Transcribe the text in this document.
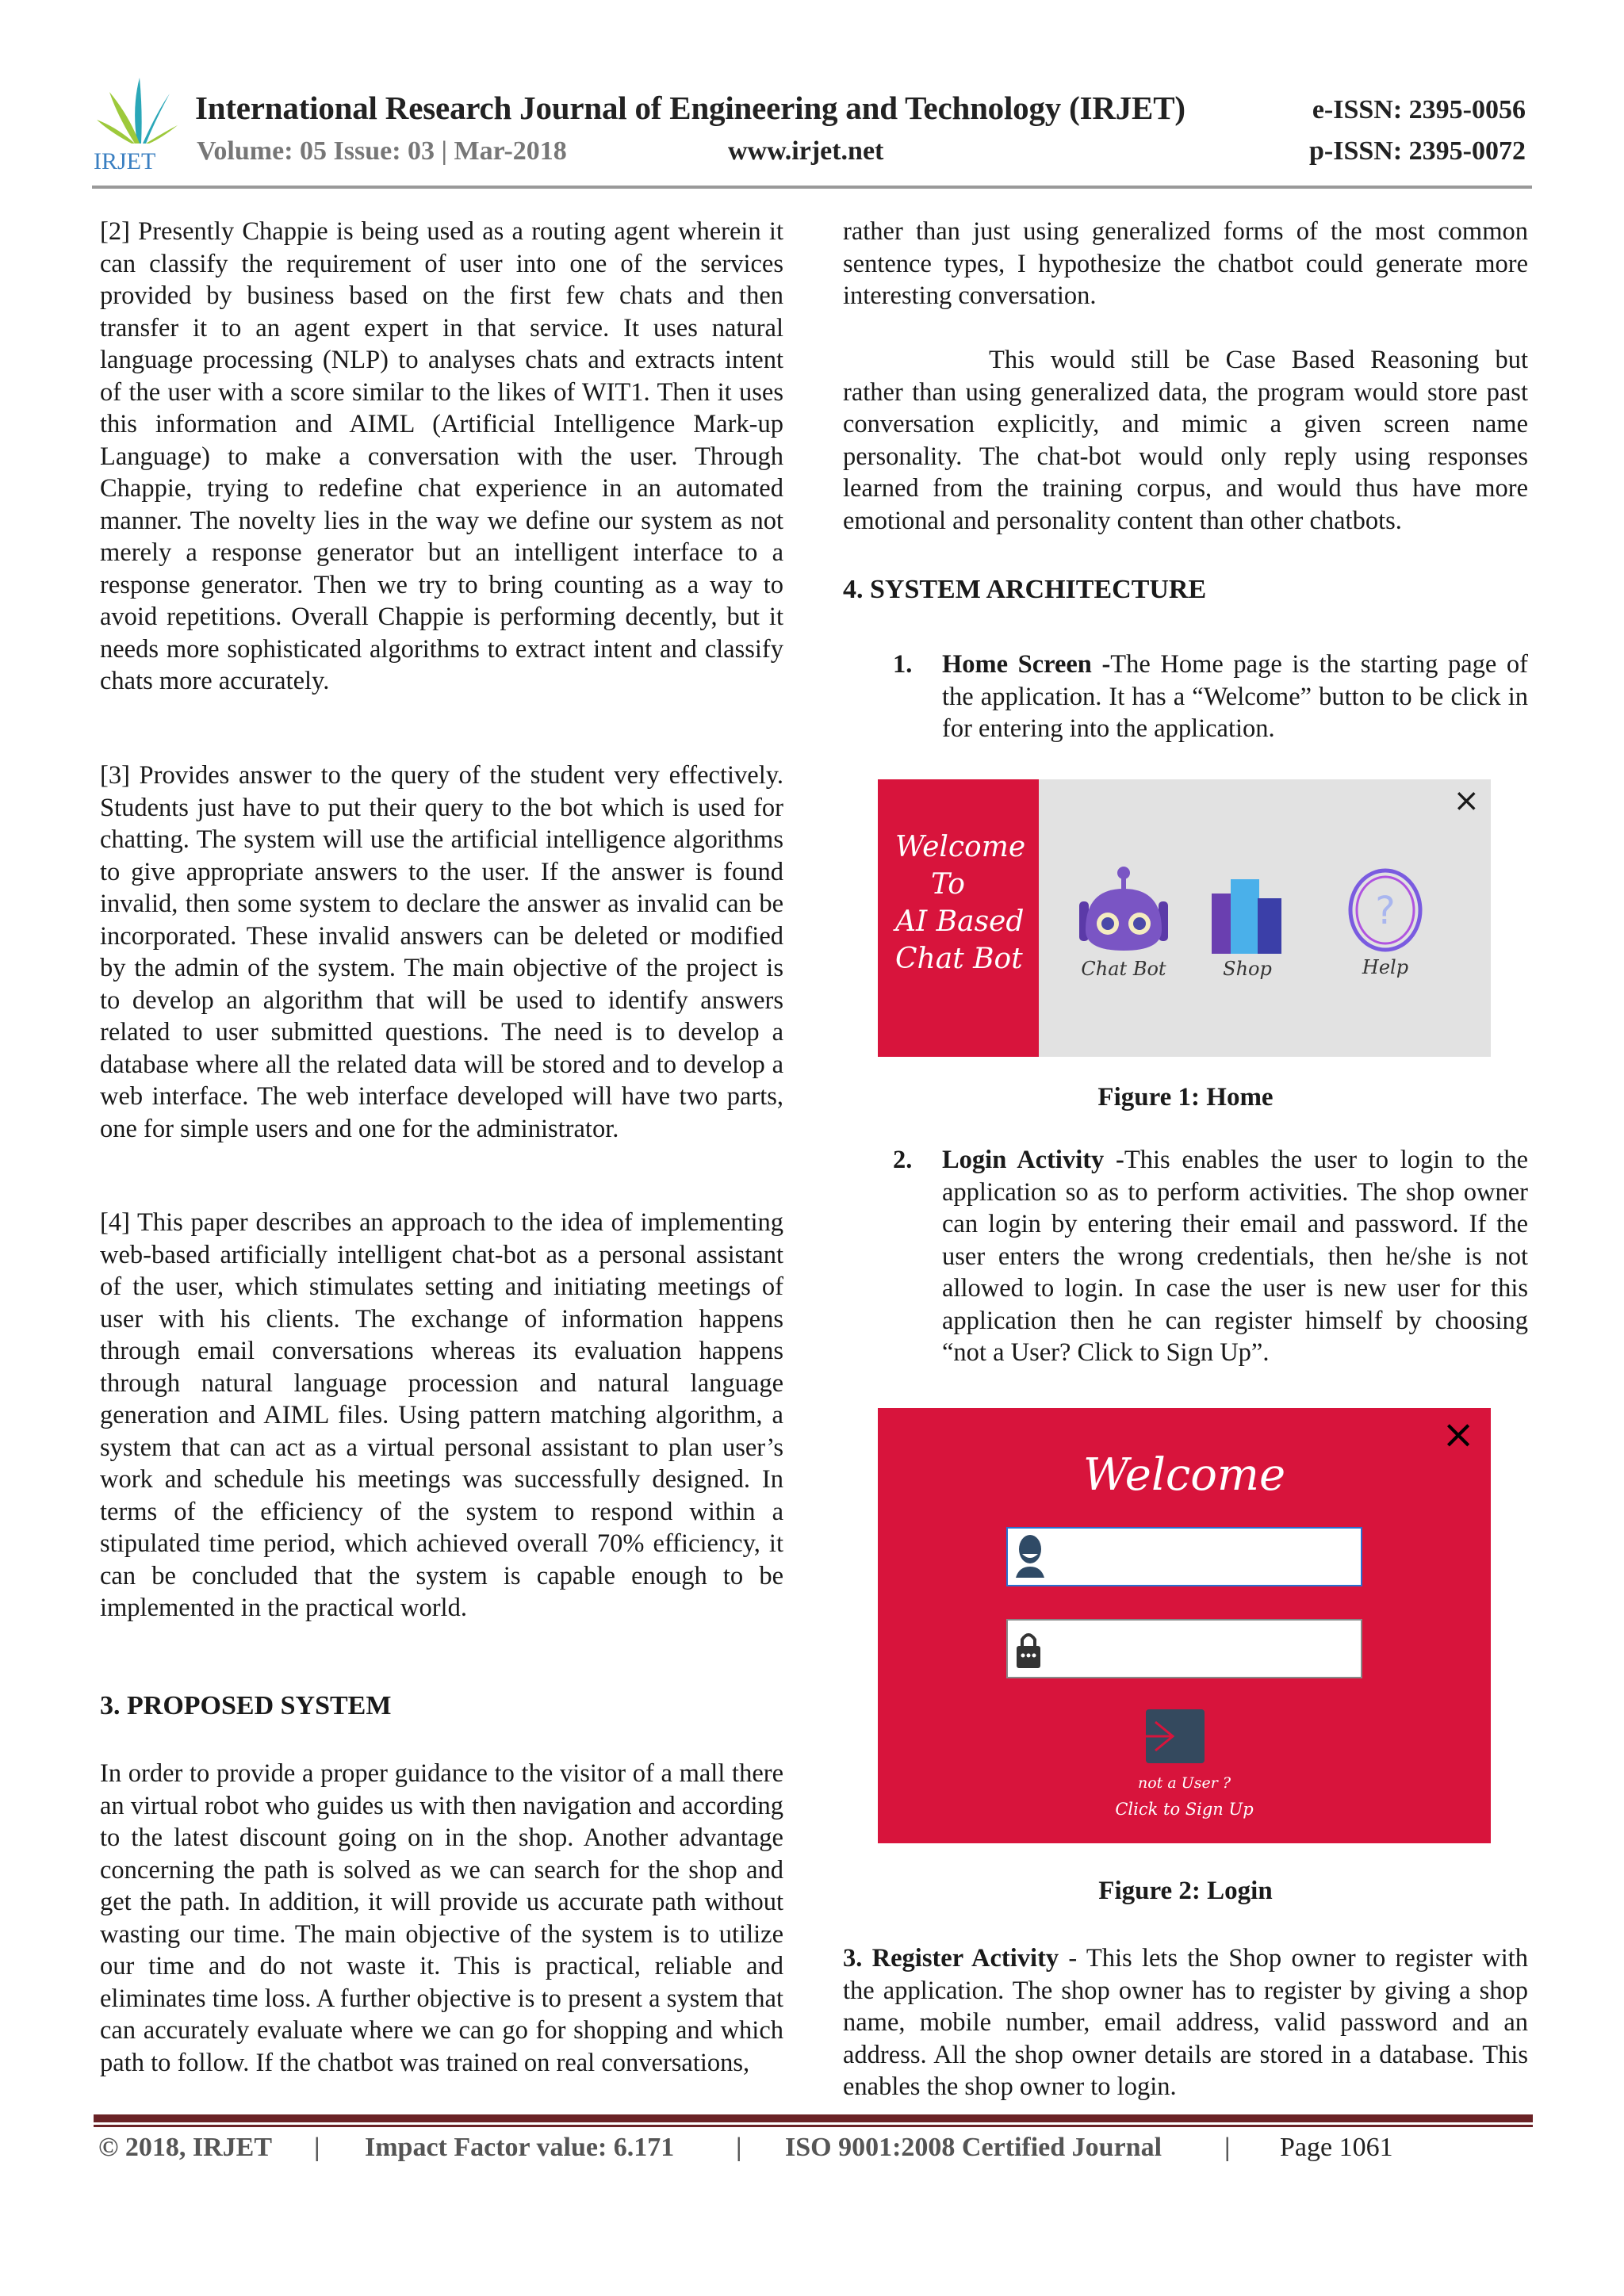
IRJET
International Research Journal of Engineering and Technology (IRJET)
Volume: 05 Issue: 03 | Mar-2018	www.irjet.net
e-ISSN: 2395-0056
p-ISSN: 2395-0072
[2] Presently Chappie is being used as a routing agent wherein it can classify the requirement of user into one of the services provided by business based on the first few chats and then transfer it to an agent expert in that service. It uses natural language processing (NLP) to analyses chats and extracts intent of the user with a score similar to the likes of WIT1. Then it uses this information and AIML (Artificial Intelligence Mark-up Language) to make a conversation with the user. Through Chappie, trying to redefine chat experience in an automated manner. The novelty lies in the way we define our system as not merely a response generator but an intelligent interface to a response generator. Then we try to bring counting as a way to avoid repetitions. Overall Chappie is performing decently, but it needs more sophisticated algorithms to extract intent and classify chats more accurately.
[3] Provides answer to the query of the student very effectively. Students just have to put their query to the bot which is used for chatting. The system will use the artificial intelligence algorithms to give appropriate answers to the user. If the answer is found invalid, then some system to declare the answer as invalid can be incorporated. These invalid answers can be deleted or modified by the admin of the system. The main objective of the project is to develop an algorithm that will be used to identify answers related to user submitted questions. The need is to develop a database where all the related data will be stored and to develop a web interface. The web interface developed will have two parts, one for simple users and one for the administrator.
[4] This paper describes an approach to the idea of implementing web-based artificially intelligent chat-bot as a personal assistant of the user, which stimulates setting and initiating meetings of user with his clients. The exchange of information happens through email conversations whereas its evaluation happens through natural language procession and natural language generation and AIML files. Using pattern matching algorithm, a system that can act as a virtual personal assistant to plan user’s work and schedule his meetings was successfully designed. In terms of the efficiency of the system to respond within a stipulated time period, which achieved overall 70% efficiency, it can be concluded that the system is capable enough to be implemented in the practical world.
3. PROPOSED SYSTEM
In order to provide a proper guidance to the visitor of a mall there an virtual robot who guides us with then navigation and according to the latest discount going on in the shop. Another advantage concerning the path is solved as we can search for the shop and get the path. In addition, it will provide us accurate path without wasting our time. The main objective of the system is to utilize our time and do not waste it. This is practical, reliable and eliminates time loss. A further objective is to present a system that can accurately evaluate where we can go for shopping and which path to follow. If the chatbot was trained on real conversations,
rather than just using generalized forms of the most common sentence types, I hypothesize the chatbot could generate more interesting conversation.
This would still be Case Based Reasoning but rather than using generalized data, the program would store past conversation explicitly, and mimic a given screen name personality. The chat-bot would only reply using responses learned from the training corpus, and would thus have more emotional and personality content than other chatbots.
4. SYSTEM ARCHITECTURE
1. Home Screen -The Home page is the starting page of the application. It has a “Welcome” button to be click in for entering into the application.
Welcome
To
AI Based
Chat Bot
×
Chat Bot	Shop
?
Help
Figure 1: Home
2. Login Activity -This enables the user to login to the application so as to perform activities. The shop owner can login by entering their email and password. If the user enters the wrong credentials, then he/she is not allowed to login. In case the user is new user for this application then he can register himself by choosing “not a User? Click to Sign Up”.
×
Welcome
not a User ?
Click to Sign Up
Figure 2: Login
3. Register Activity - This lets the Shop owner to register with the application. The shop owner has to register by giving a shop name, mobile number, email address, valid password and an address. All the shop owner details are stored in a database. This enables the shop owner to login.
© 2018, IRJET | Impact Factor value: 6.171 | ISO 9001:2008 Certified Journal | Page 1061
